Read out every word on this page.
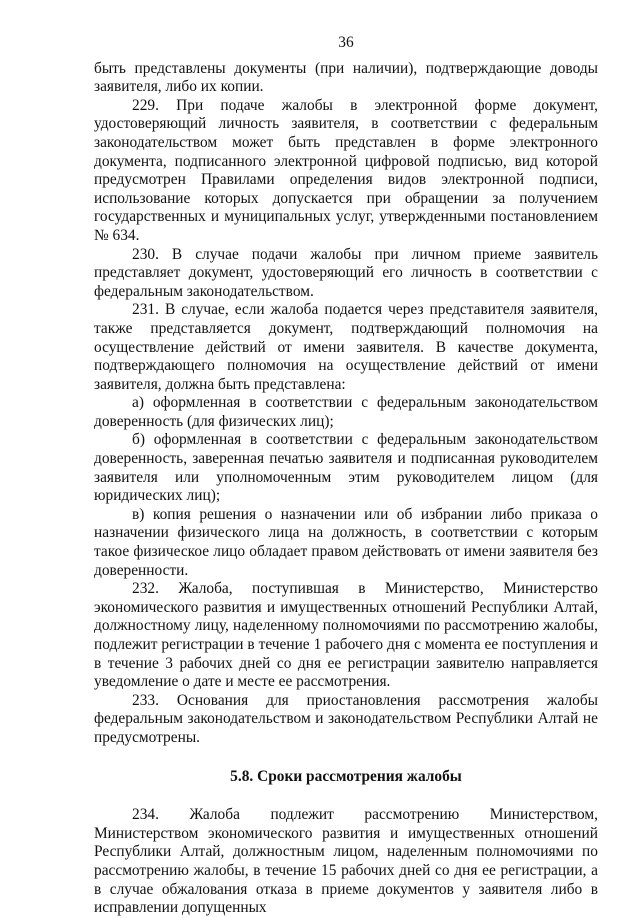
36

быть представлены документы (при наличии), подтверждающие доводы заявителя, либо их копии.

229. При подаче жалобы в электронной форме документ, удостоверяющий личность заявителя, в соответствии с федеральным законодательством может быть представлен в форме электронного документа, подписанного электронной цифровой подписью, вид которой предусмотрен Правилами определения видов электронной подписи, использование которых допускается при обращении за получением государственных и муниципальных услуг, утвержденными постановлением № 634.

230. В случае подачи жалобы при личном приеме заявитель представляет документ, удостоверяющий его личность в соответствии с федеральным законодательством.

231. В случае, если жалоба подается через представителя заявителя, также представляется документ, подтверждающий полномочия на осуществление действий от имени заявителя. В качестве документа, подтверждающего полномочия на осуществление действий от имени заявителя, должна быть представлена:

а) оформленная в соответствии с федеральным законодательством доверенность (для физических лиц);

б) оформленная в соответствии с федеральным законодательством доверенность, заверенная печатью заявителя и подписанная руководителем заявителя или уполномоченным этим руководителем лицом (для юридических лиц);

в) копия решения о назначении или об избрании либо приказа о назначении физического лица на должность, в соответствии с которым такое физическое лицо обладает правом действовать от имени заявителя без доверенности.

232. Жалоба, поступившая в Министерство, Министерство экономического развития и имущественных отношений Республики Алтай, должностному лицу, наделенному полномочиями по рассмотрению жалобы, подлежит регистрации в течение 1 рабочего дня с момента ее поступления и в течение 3 рабочих дней со дня ее регистрации заявителю направляется уведомление о дате и месте ее рассмотрения.

233. Основания для приостановления рассмотрения жалобы федеральным законодательством и законодательством Республики Алтай не предусмотрены.

5.8. Сроки рассмотрения жалобы

234. Жалоба подлежит рассмотрению Министерством, Министерством экономического развития и имущественных отношений Республики Алтай, должностным лицом, наделенным полномочиями по рассмотрению жалобы, в течение 15 рабочих дней со дня ее регистрации, а в случае обжалования отказа в приеме документов у заявителя либо в исправлении допущенных
